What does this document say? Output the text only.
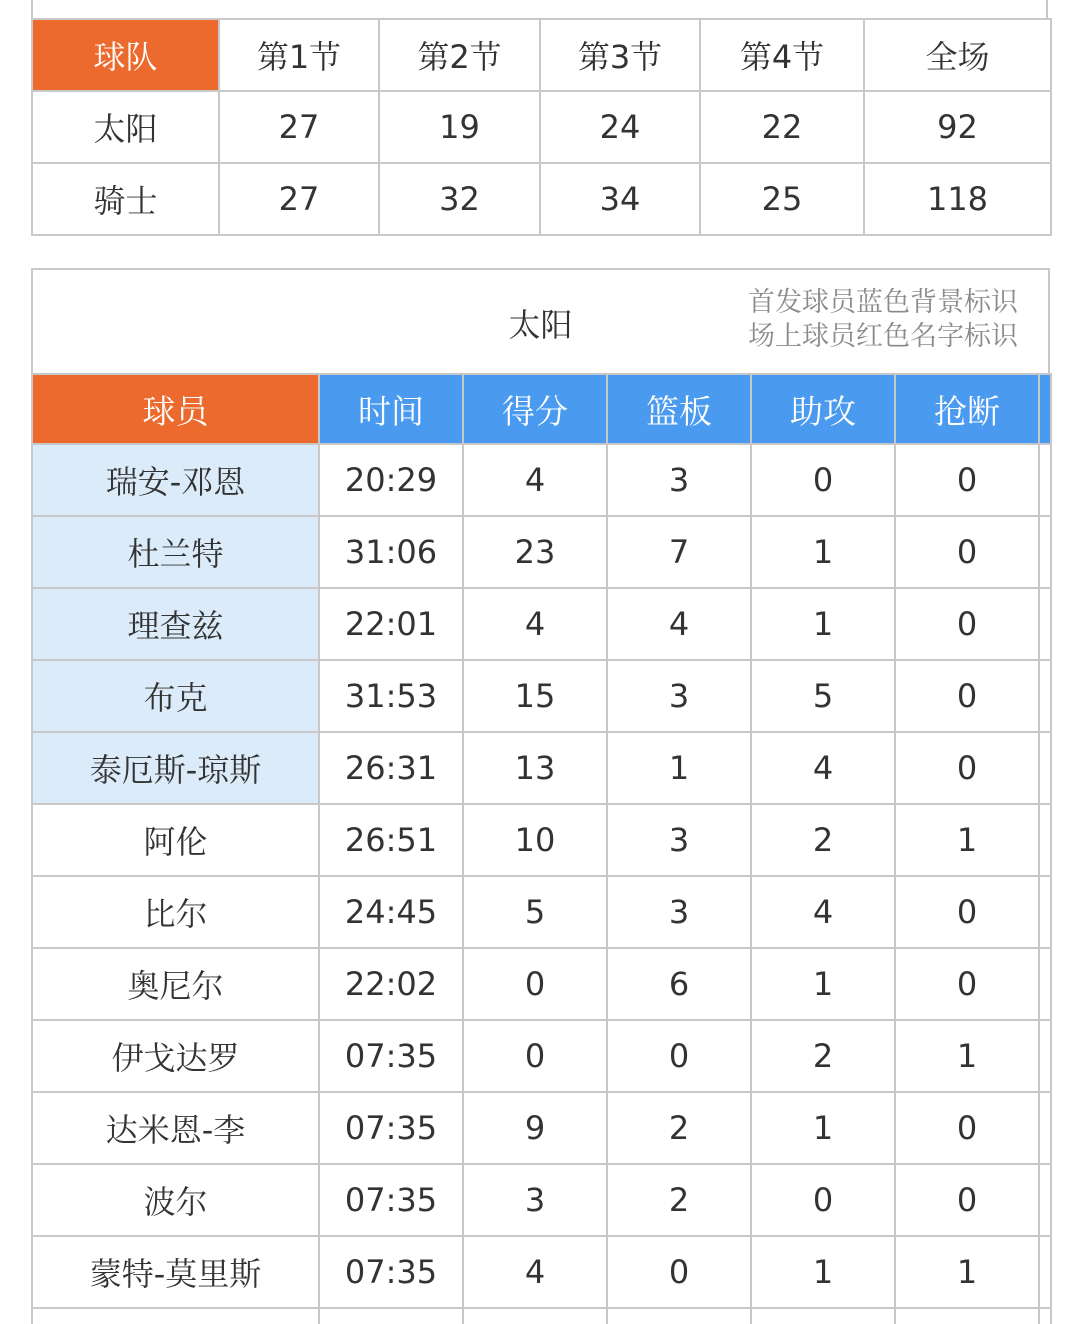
球队	第1节	第2节	第3节	第4节	全场
太阳	27	19	24	22	92
骑士	27	32	34	25	118
太阳
首发球员蓝色背景标识
场上球员红色名字标识
球员	时间	得分	篮板	助攻	抢断	
瑞安-邓恩	20:29	4	3	0	0	
杜兰特	31:06	23	7	1	0	
理查兹	22:01	4	4	1	0	
布克	31:53	15	3	5	0	
泰厄斯-琼斯	26:31	13	1	4	0	
阿伦	26:51	10	3	2	1	
比尔	24:45	5	3	4	0	
奥尼尔	22:02	0	6	1	0	
伊戈达罗	07:35	0	0	2	1	
达米恩-李	07:35	9	2	1	0	
波尔	07:35	3	2	0	0	
蒙特-莫里斯	07:35	4	0	1	1	
